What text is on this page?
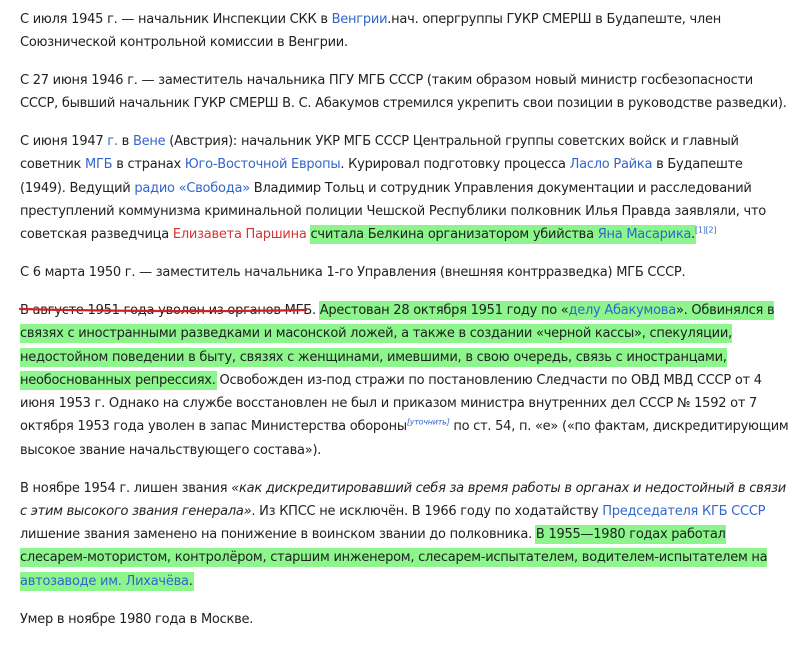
С июля 1945 г. — начальник Инспекции СКК в Венгрии.нач. опергруппы ГУКР СМЕРШ в Будапеште, член Союзнической контрольной комиссии в Венгрии.

С 27 июня 1946 г. — заместитель начальника ПГУ МГБ СССР (таким образом новый министр госбезопасности СССР, бывший начальник ГУКР СМЕРШ В. С. Абакумов стремился укрепить свои позиции в руководстве разведки).

С июня 1947 г. в Вене (Австрия): начальник УКР МГБ СССР Центральной группы советских войск и главный советник МГБ в странах Юго-Восточной Европы. Курировал подготовку процесса Ласло Райка в Будапеште (1949). Ведущий радио «Свобода» Владимир Тольц и сотрудник Управления документации и расследований преступлений коммунизма криминальной полиции Чешской Республики полковник Илья Правда заявляли, что советская разведчица Елизавета Паршина считала Белкина организатором убийства Яна Масарика.[1][2]

С 6 марта 1950 г. — заместитель начальника 1-го Управления (внешняя контрразведка) МГБ СССР.

В августе 1951 года уволен из органов МГБ. Арестован 28 октября 1951 году по «делу Абакумова». Обвинялся в связях с иностранными разведками и масонской ложей, а также в создании «черной кассы», спекуляции, недостойном поведении в быту, связях с женщинами, имевшими, в свою очередь, связь с иностранцами, необоснованных репрессиях. Освобожден из-под стражи по постановлению Следчасти по ОВД МВД СССР от 4 июня 1953 г. Однако на службе восстановлен не был и приказом министра внутренних дел СССР № 1592 от 7 октября 1953 года уволен в запас Министерства обороны[уточнить] по ст. 54, п. «е» («по фактам, дискредитирующим высокое звание начальствующего состава»).

В ноябре 1954 г. лишен звания «как дискредитировавший себя за время работы в органах и недостойный в связи с этим высокого звания генерала». Из КПСС не исключён. В 1966 году по ходатайству Председателя КГБ СССР лишение звания заменено на понижение в воинском звании до полковника. В 1955—1980 годах работал слесарем-мотористом, контролёром, старшим инженером, слесарем-испытателем, водителем-испытателем на автозаводе им. Лихачёва.

Умер в ноябре 1980 года в Москве.
